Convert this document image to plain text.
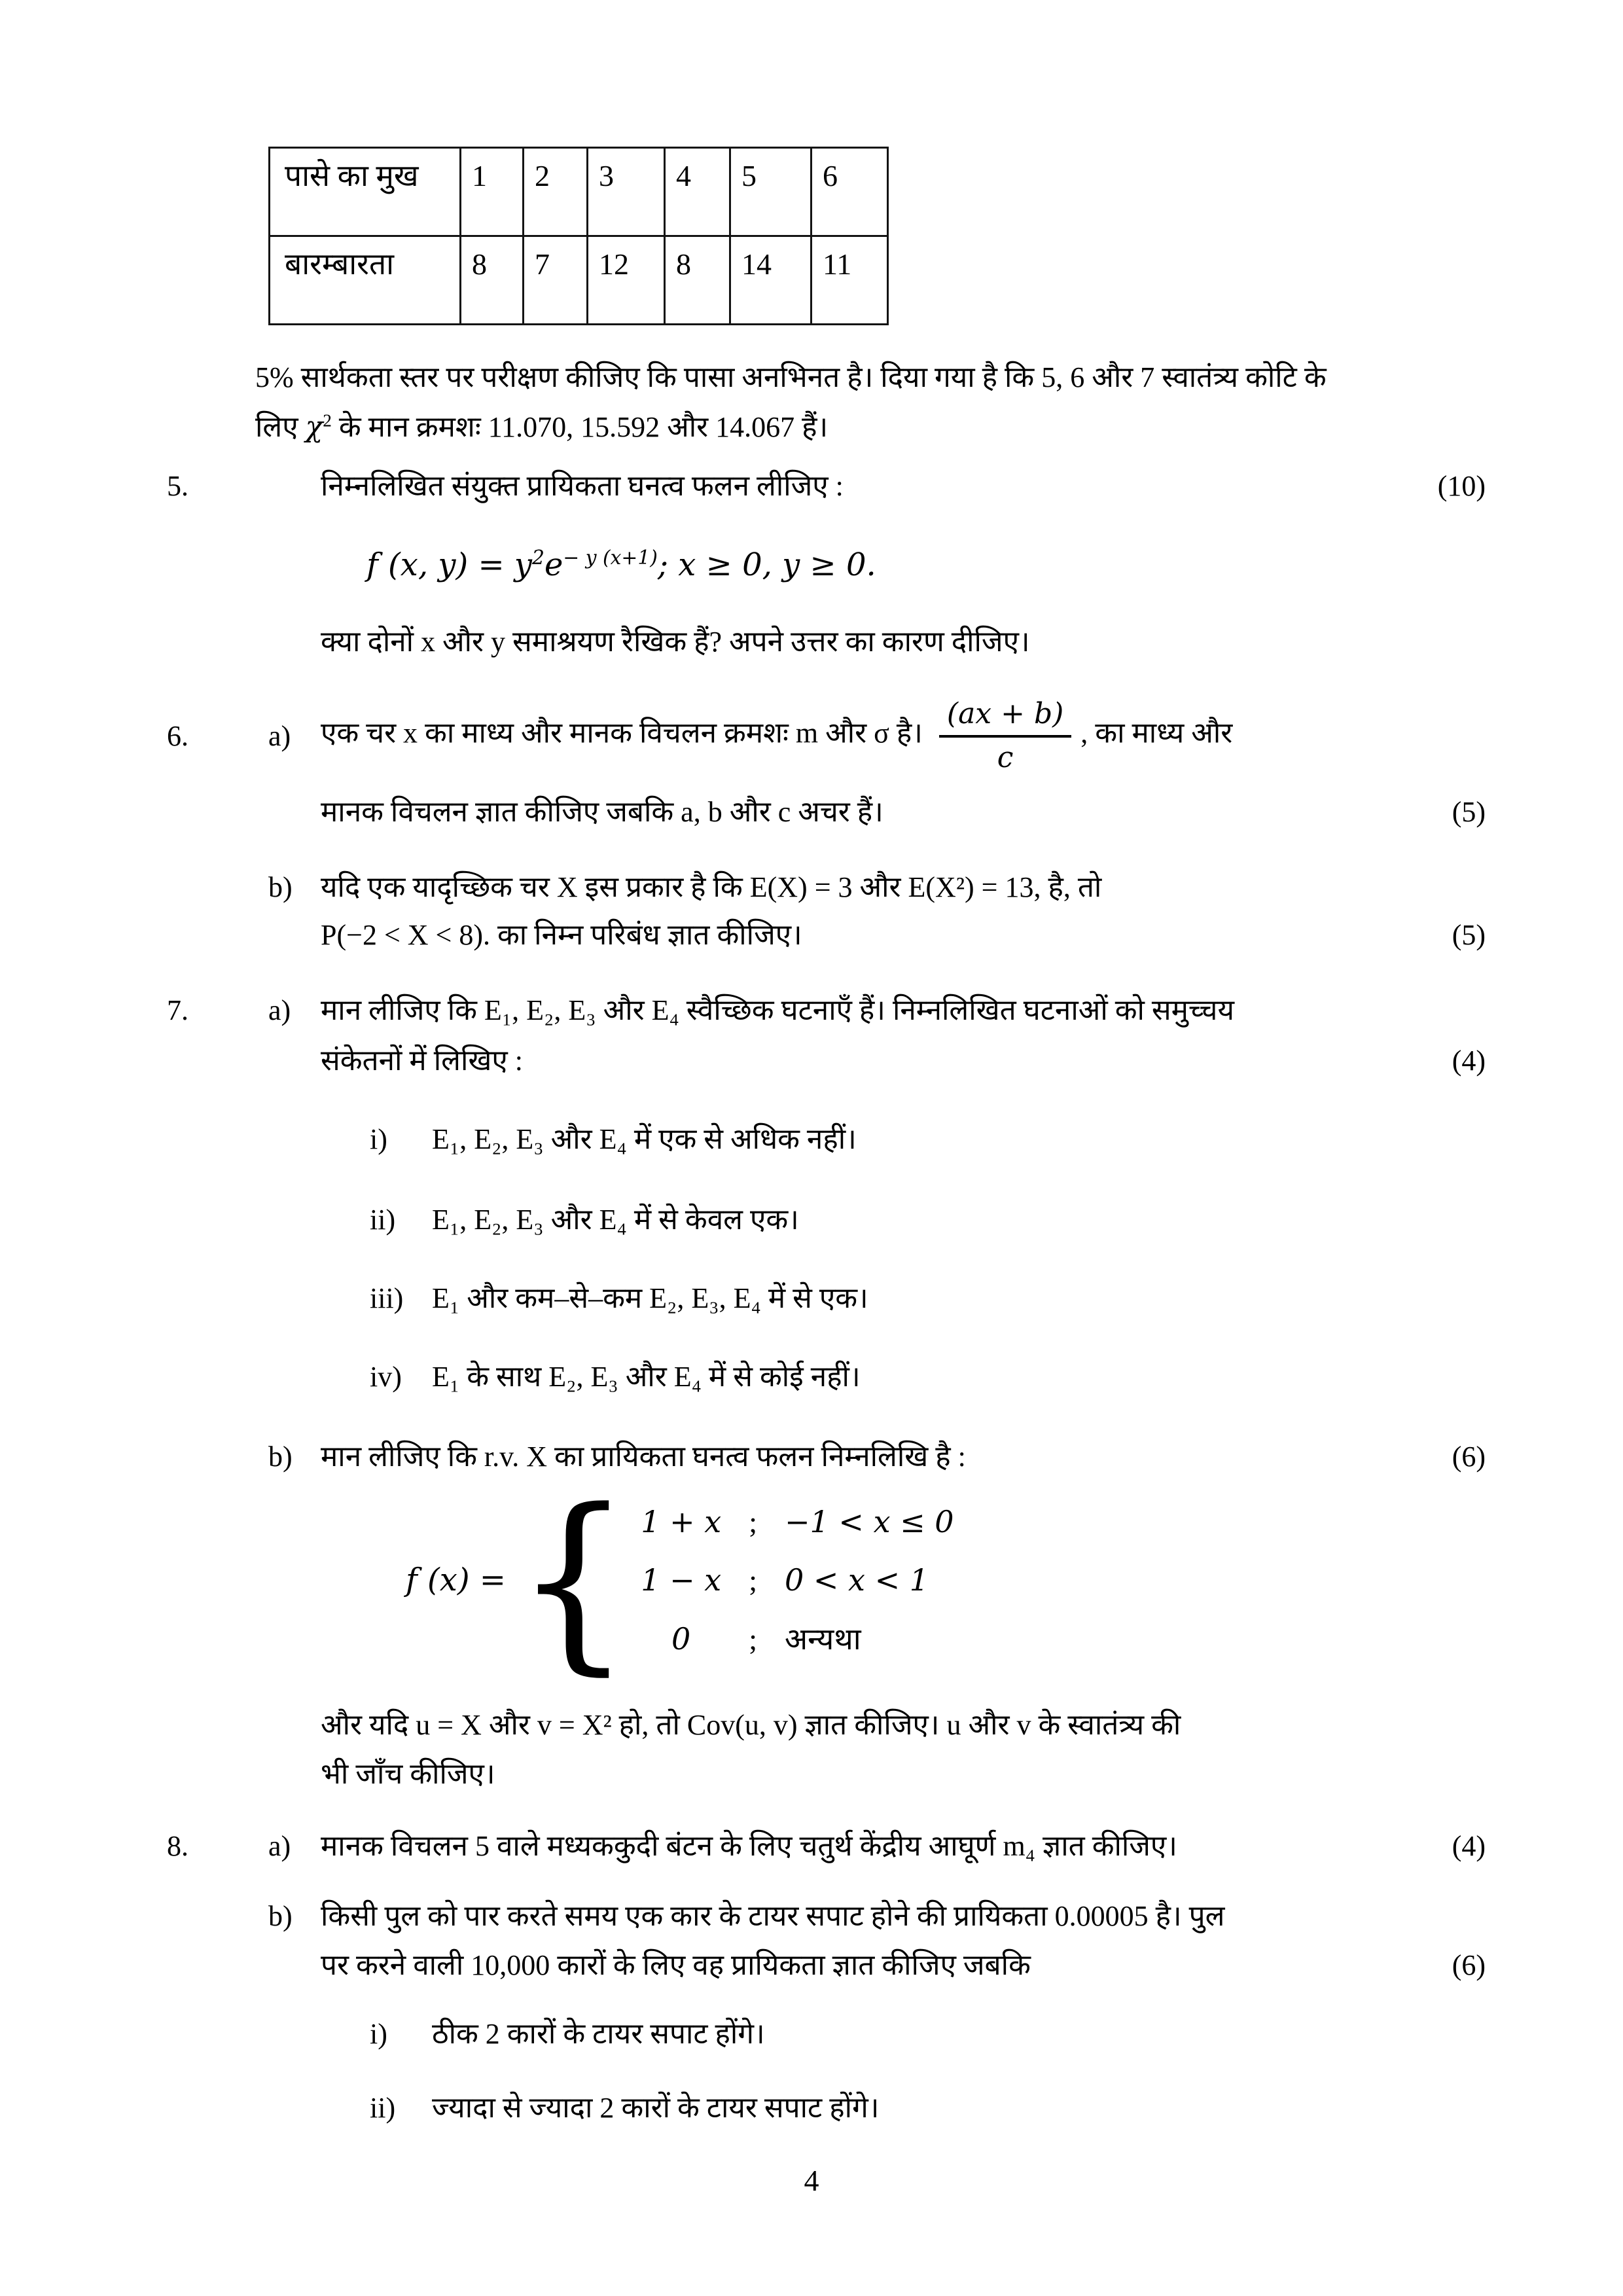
पासे का मुख	1	2	3	4	5	6
बारम्बारता	8	7	12	8	14	11

5% सार्थकता स्तर पर परीक्षण कीजिए कि पासा अनभिनत है। दिया गया है कि 5, 6 और 7 स्वातंत्र्य कोटि के लिए $\chi^2$ के मान क्रमशः 11.070, 15.592 और 14.067 हैं।

5.	निम्नलिखित संयुक्त प्रायिकता घनत्व फलन लीजिए :	(10)
f (x, $y) = y^2e^{- y (x+1)}$; x ≥ 0, y ≥ 0.
क्या दोनों x और y समाश्रयण रैखिक हैं? अपने उत्तर का कारण दीजिए।
6.	a)	एक चर x का माध्य और मानक विचलन क्रमशः m और σ है। $\frac{(ax + b)}{c}$ , का माध्य और
मानक विचलन ज्ञात कीजिए जबकि a, b और c अचर हैं।	(5)
b) यदि एक यादृच्छिक चर X इस प्रकार है कि E(X) = 3 और E(X²) = 13, है, तो
P(−2 < X < 8). का निम्न परिबंध ज्ञात कीजिए।	(5)
7.	a)	मान लीजिए कि E₁, E₂, E₃ और E₄ स्वैच्छिक घटनाएँ हैं। निम्नलिखित घटनाओं को समुच्चय
संकेतनों में लिखिए :	(4)
i)	E₁, E₂, E₃ और E₄ में एक से अधिक नहीं।
ii)	E₁, E₂, E₃ और E₄ में से केवल एक।
iii) E₁ और कम–से–कम E₂, E₃, E₄ में से एक।
iv)	E₁ के साथ E₂, E₃ और E₄ में से कोई नहीं।
b) मान लीजिए कि r.v. X का प्रायिकता घनत्व फलन निम्नलिखि है :	(6)
f (x) = { 1 + x ; −1 < x ≤ 0
1 − x ; 0 < x < 1
0	; अन्यथा
और यदि u = X और v = X² हो, तो Cov(u, v) ज्ञात कीजिए। u और v के स्वातंत्र्य की
भी जाँच कीजिए।
8.	a)	मानक विचलन 5 वाले मध्यककुदी बंटन के लिए चतुर्थ केंद्रीय आघूर्ण m₄ ज्ञात कीजिए।	(4)
b) किसी पुल को पार करते समय एक कार के टायर सपाट होने की प्रायिकता 0.00005 है। पुल
पर करने वाली 10,000 कारों के लिए वह प्रायिकता ज्ञात कीजिए जबकि	(6)
i)	ठीक 2 कारों के टायर सपाट होंगे।
ii)	ज्यादा से ज्यादा 2 कारों के टायर सपाट होंगे।
4
